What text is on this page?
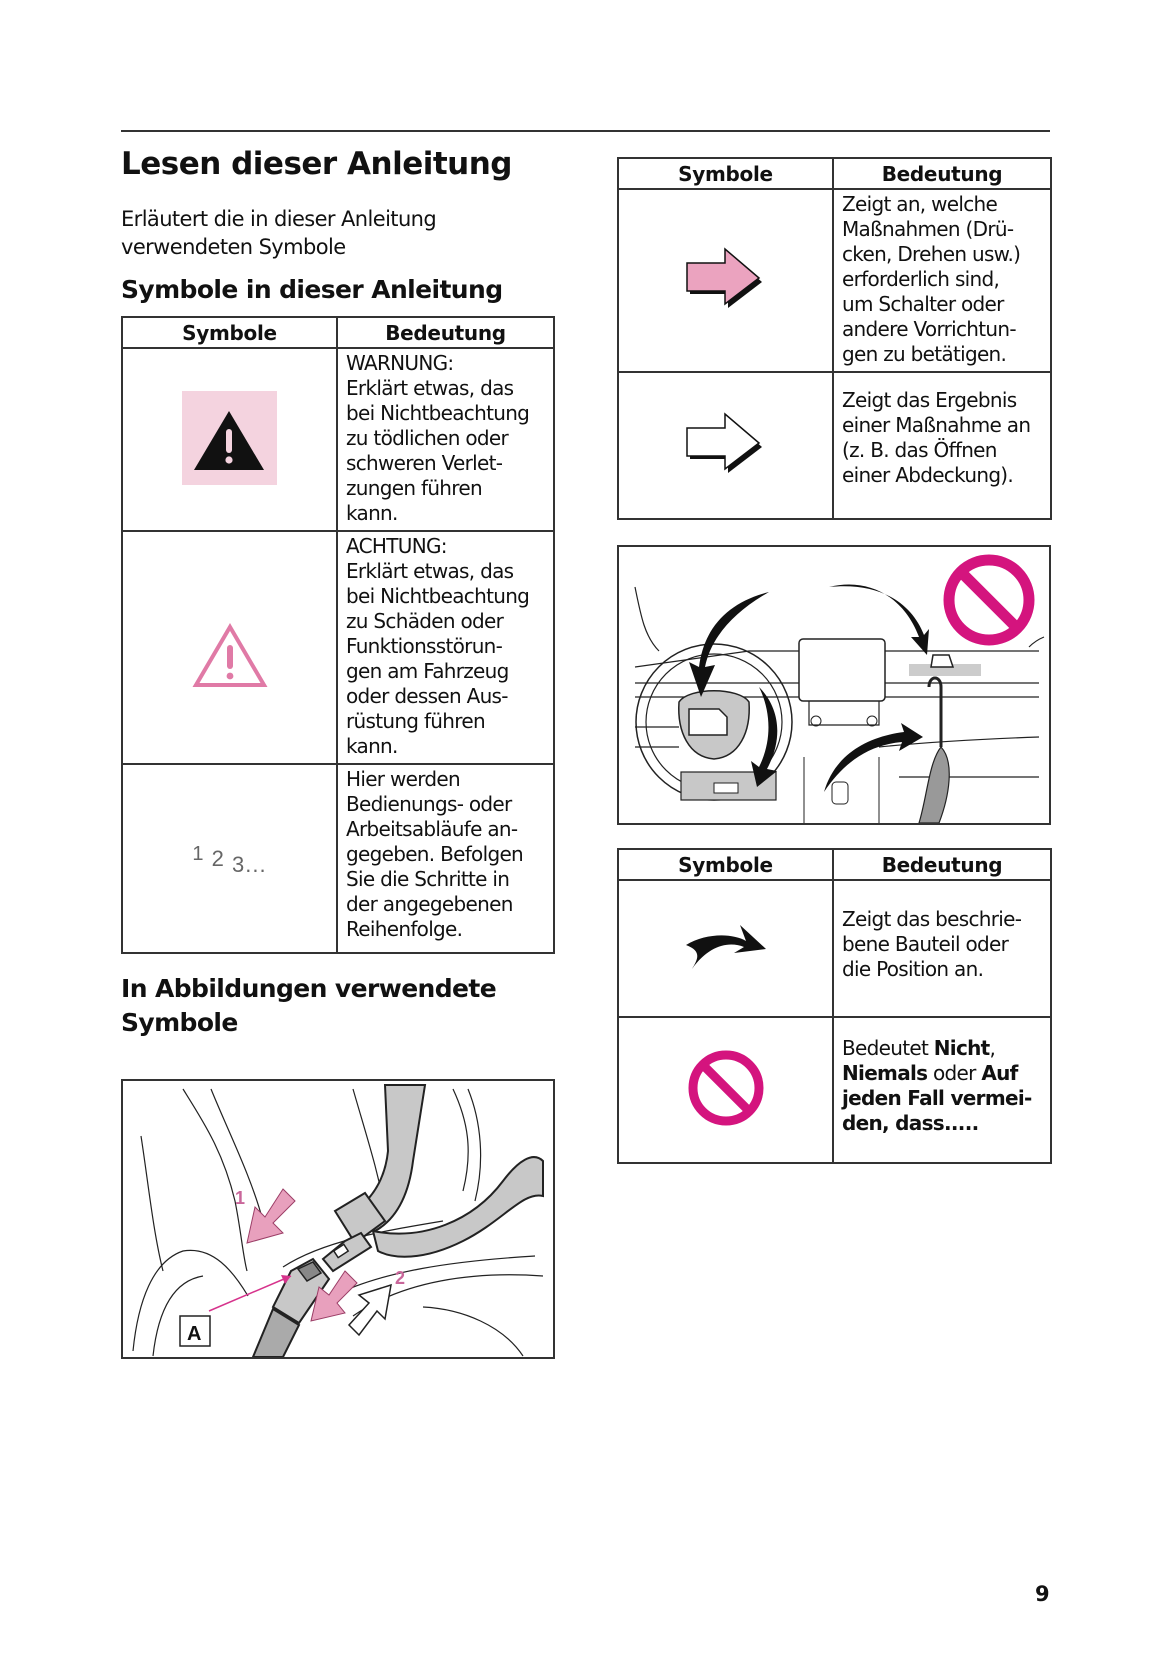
Lesen dieser Anleitung
Erläutert die in dieser Anleitung
verwendeten Symbole
Symbole in dieser Anleitung
Symbole	Bedeutung

WARNUNG:
Erklärt etwas, das
bei Nichtbeachtung
zu tödlichen oder
schweren Verlet-
zungen führen
kann.

ACHTUNG:
Erklärt etwas, das
bei Nichtbeachtung
zu Schäden oder
Funktionsstörun-
gen am Fahrzeug
oder dessen Aus-
rüstung führen
kann.

1 2 3...	
Hier werden
Bedienungs- oder
Arbeitsabläufe an-
gegeben. Befolgen
Sie die Schritte in
der angegebenen
Reihenfolge.
In Abbildungen verwendete
Symbole
1
2
A
Symbole	Bedeutung

Zeigt an, welche
Maßnahmen (Drü-
cken, Drehen usw.)
erforderlich sind,
um Schalter oder
andere Vorrichtun-
gen zu betätigen.

Zeigt das Ergebnis
einer Maßnahme an
(z. B. das Öffnen
einer Abdeckung).
Symbole	Bedeutung

Zeigt das beschrie-
bene Bauteil oder
die Position an.

Bedeutet Nicht,
Niemals oder Auf
jeden Fall vermei-
den, dass.....
9
